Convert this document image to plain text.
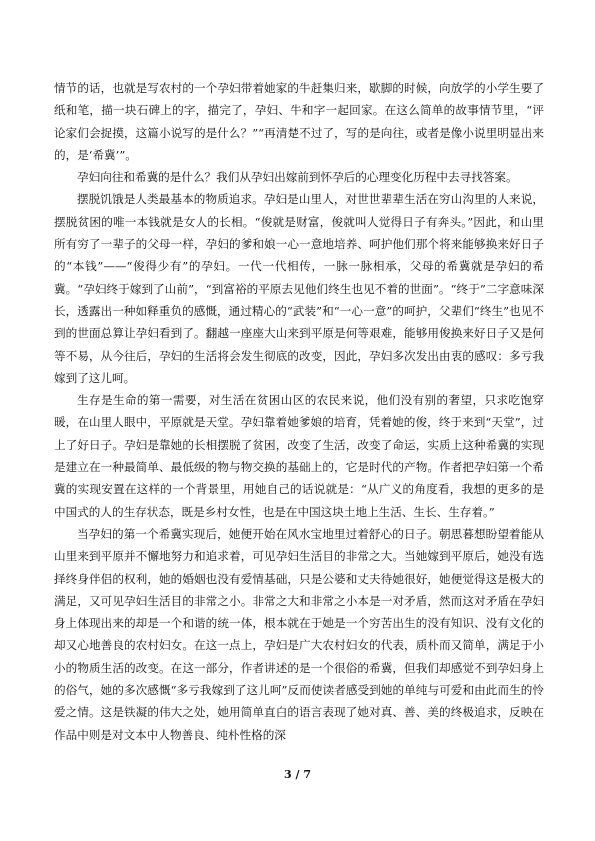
情节的话，也就是写农村的一个孕妇带着她家的牛赶集归来，歇脚的时候，向放学的小学生要了纸和笔，描一块石碑上的字，描完了，孕妇、牛和字一起回家。在这么简单的故事情节里，“评论家们会捉摸，这篇小说写的是什么？”“再清楚不过了，写的是向往，或者是像小说里明显出来的，是‘希冀’”。

孕妇向往和希冀的是什么？我们从孕妇出嫁前到怀孕后的心理变化历程中去寻找答案。

摆脱饥饿是人类最基本的物质追求。孕妇是山里人，对世世辈辈生活在穷山沟里的人来说，摆脱贫困的唯一本钱就是女人的长相。“俊就是财富，俊就叫人觉得日子有奔头。”因此，和山里所有穷了一辈子的父母一样，孕妇的爹和娘一心一意地培养、呵护他们那个将来能够换来好日子的“本钱”——“俊得少有”的孕妇。一代一代相传，一脉一脉相承，父母的希冀就是孕妇的希冀。“孕妇终于嫁到了山前”，“到富裕的平原去见他们终生也见不着的世面”。“终于”二字意味深长，透露出一种如释重负的感慨，通过精心的“武装”和“一心一意”的呵护，父辈们“终生”也见不到的世面总算让孕妇看到了。翻越一座座大山来到平原是何等艰难，能够用俊换来好日子又是何等不易，从今往后，孕妇的生活将会发生彻底的改变，因此，孕妇多次发出由衷的感叹：多亏我嫁到了这儿呵。

生存是生命的第一需要，对生活在贫困山区的农民来说，他们没有别的奢望，只求吃饱穿暖，在山里人眼中，平原就是天堂。孕妇靠着她爹娘的培育，凭着她的俊，终于来到“天堂”，过上了好日子。孕妇是靠她的长相摆脱了贫困，改变了生活，改变了命运，实质上这种希冀的实现是建立在一种最简单、最低级的物与物交换的基础上的，它是时代的产物。作者把孕妇第一个希冀的实现安置在这样的一个背景里，用她自己的话说就是：“从广义的角度看，我想的更多的是中国式的人的生存状态，既是乡村女性，也是在中国这块土地上生活、生长、生存着。”

当孕妇的第一个希冀实现后，她便开始在风水宝地里过着舒心的日子。朝思暮想盼望着能从山里来到平原并不懈地努力和追求着，可见孕妇生活目的非常之大。当她嫁到平原后，她没有选择终身伴侣的权利，她的婚姻也没有爱情基础，只是公婆和丈夫待她很好，她便觉得这是极大的满足，又可见孕妇生活目的非常之小。非常之大和非常之小本是一对矛盾，然而这对矛盾在孕妇身上体现出来的却是一个和谐的统一体，根本就在于她是一个穷苦出生的没有知识、没有文化的却又心地善良的农村妇女。在这一点上，孕妇是广大农村妇女的代表，质朴而又简单，满足于小小的物质生活的改变。在这一部分，作者讲述的是一个很俗的希冀，但我们却感觉不到孕妇身上的俗气，她的多次感慨“多亏我嫁到了这儿呵”反而使读者感受到她的单纯与可爱和由此而生的怜爱之情。这是铁凝的伟大之处，她用简单直白的语言表现了她对真、善、美的终极追求，反映在作品中则是对文本中人物善良、纯朴性格的深

3 / 7
